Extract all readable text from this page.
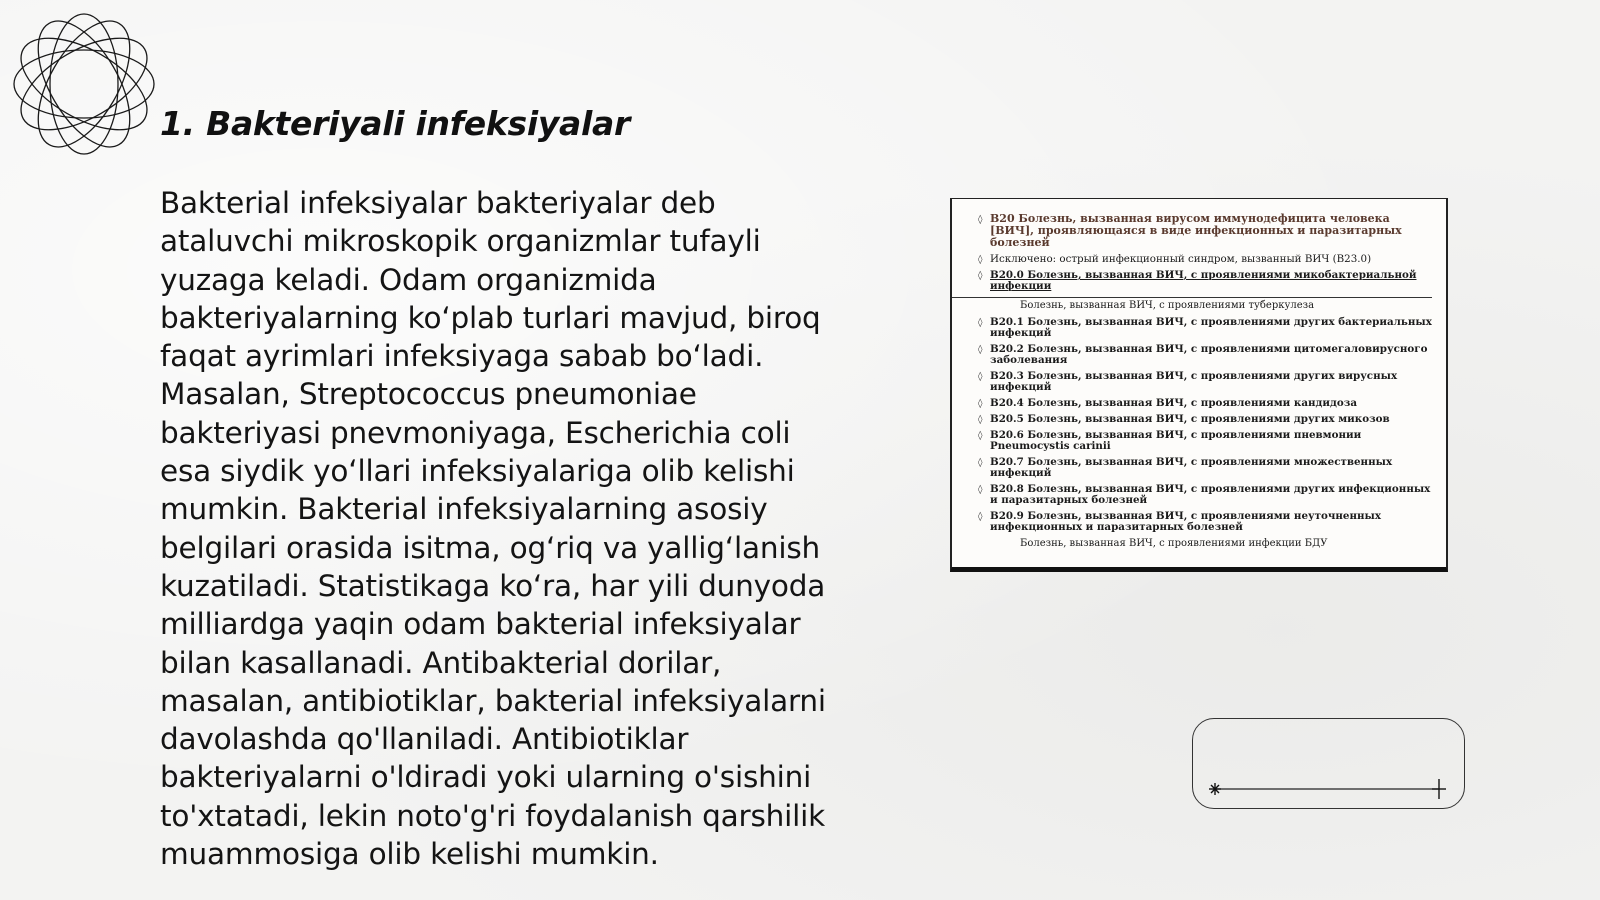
1. Bakteriyali infeksiyalar

Bakterial infeksiyalar bakteriyalar deb ataluvchi mikroskopik organizmlar tufayli yuzaga keladi. Odam organizmida bakteriyalarning ko‘plab turlari mavjud, biroq faqat ayrimlari infeksiyaga sabab bo‘ladi. Masalan, Streptococcus pneumoniae bakteriyasi pnevmoniyaga, Escherichia coli esa siydik yo‘llari infeksiyalariga olib kelishi mumkin. Bakterial infeksiyalarning asosiy belgilari orasida isitma, og‘riq va yallig‘lanish kuzatiladi. Statistikaga ko‘ra, har yili dunyoda milliardga yaqin odam bakterial infeksiyalar bilan kasallanadi. Antibakterial dorilar, masalan, antibiotiklar, bakterial infeksiyalarni davolashda qo'llaniladi. Antibiotiklar bakteriyalarni o'ldiradi yoki ularning o'sishini to'xtatadi, lekin noto'g'ri foydalanish qarshilik muammosiga olib kelishi mumkin.

◊ B20 Болезнь, вызванная вирусом иммунодефицита человека [ВИЧ], проявляющаяся в виде инфекционных и паразитарных болезней
◊ Исключено: острый инфекционный синдром, вызванный ВИЧ (B23.0)
◊ B20.0 Болезнь, вызванная ВИЧ, с проявлениями микобактериальной инфекции
Болезнь, вызванная ВИЧ, с проявлениями туберкулеза
◊ B20.1 Болезнь, вызванная ВИЧ, с проявлениями других бактериальных инфекций
◊ B20.2 Болезнь, вызванная ВИЧ, с проявлениями цитомегаловирусного заболевания
◊ B20.3 Болезнь, вызванная ВИЧ, с проявлениями других вирусных инфекций
◊ B20.4 Болезнь, вызванная ВИЧ, с проявлениями кандидоза
◊ B20.5 Болезнь, вызванная ВИЧ, с проявлениями других микозов
◊ B20.6 Болезнь, вызванная ВИЧ, с проявлениями пневмонии Pneumocystis carinii
◊ B20.7 Болезнь, вызванная ВИЧ, с проявлениями множественных инфекций
◊ B20.8 Болезнь, вызванная ВИЧ, с проявлениями других инфекционных и паразитарных болезней
◊ B20.9 Болезнь, вызванная ВИЧ, с проявлениями неуточненных инфекционных и паразитарных болезней
Болезнь, вызванная ВИЧ, с проявлениями инфекции БДУ
